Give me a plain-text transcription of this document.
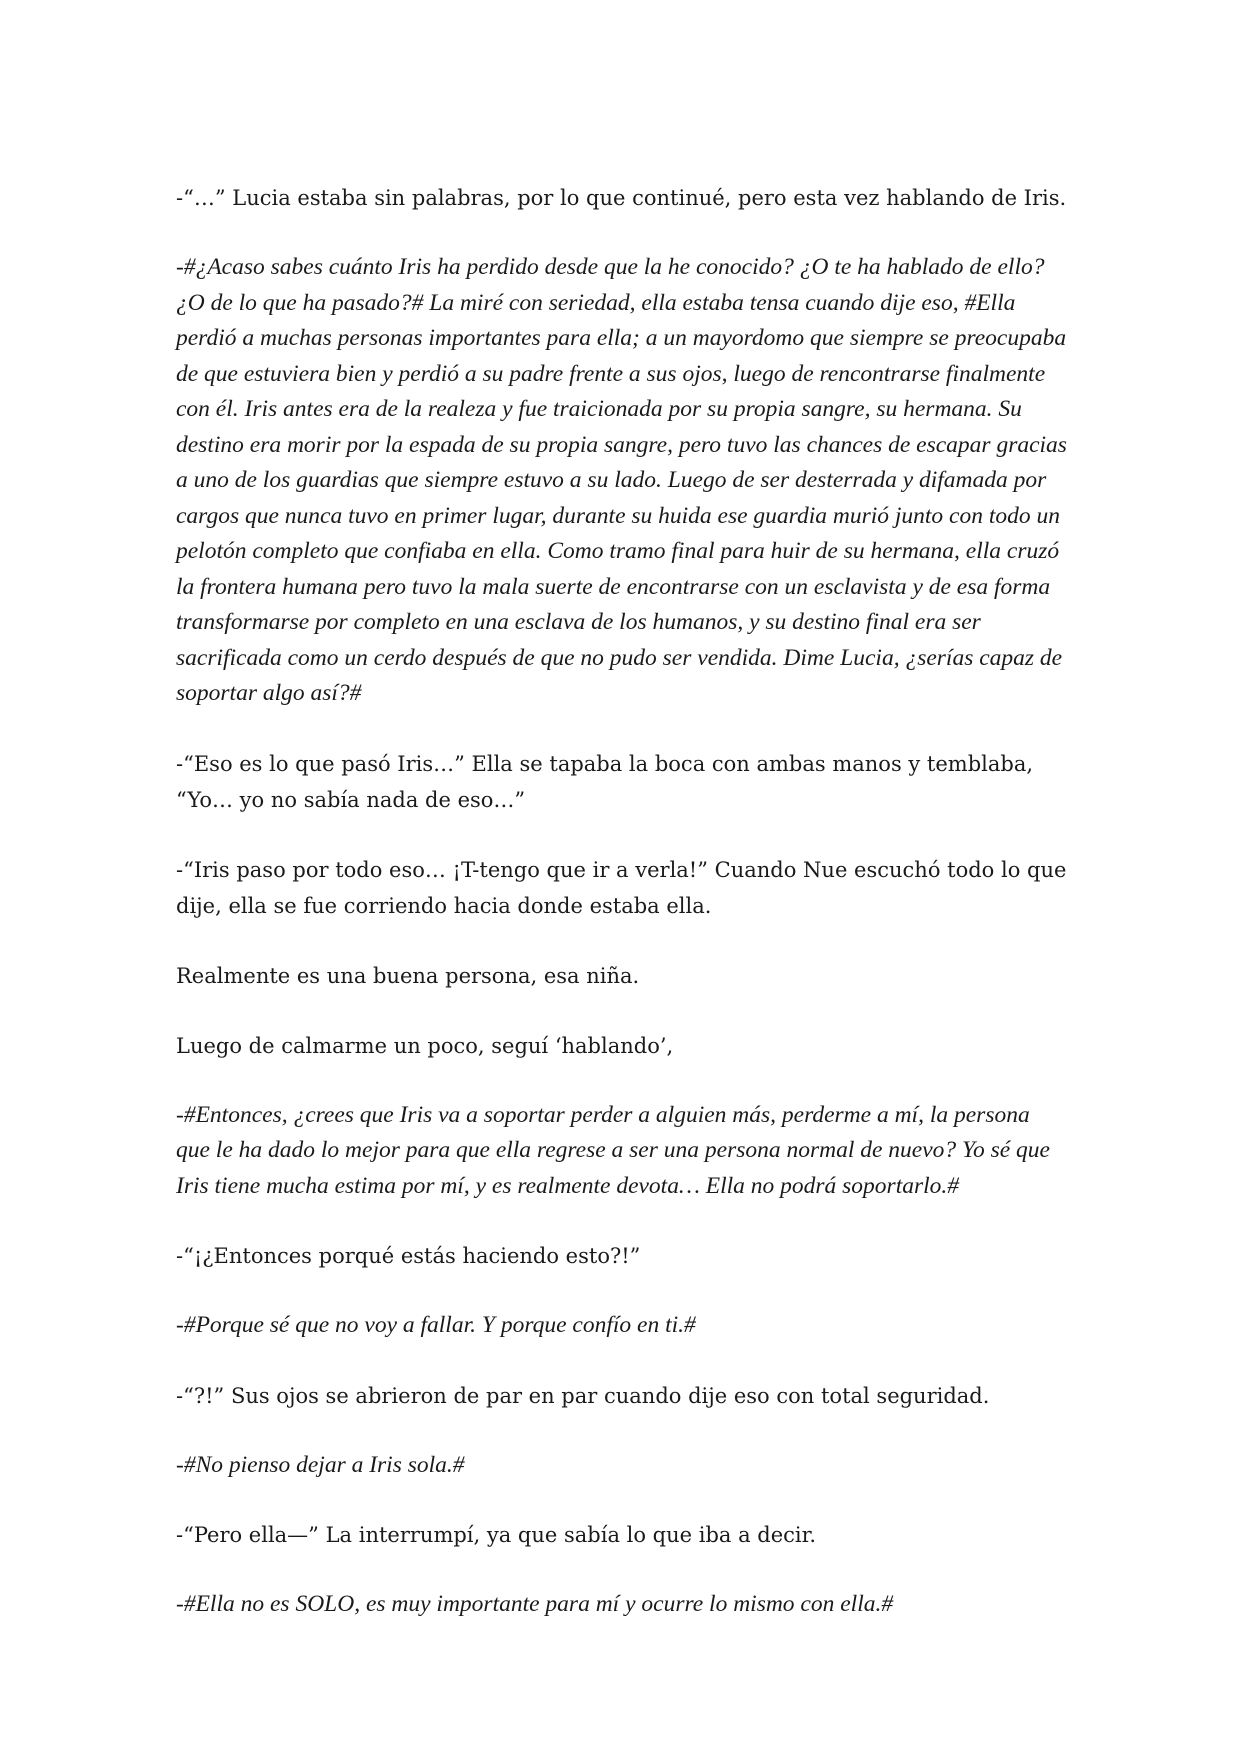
-“…” Lucia estaba sin palabras, por lo que continué, pero esta vez hablando de Iris.

-#¿Acaso sabes cuánto Iris ha perdido desde que la he conocido? ¿O te ha hablado de ello? ¿O de lo que ha pasado?# La miré con seriedad, ella estaba tensa cuando dije eso, #Ella perdió a muchas personas importantes para ella; a un mayordomo que siempre se preocupaba de que estuviera bien y perdió a su padre frente a sus ojos, luego de rencontrarse finalmente con él. Iris antes era de la realeza y fue traicionada por su propia sangre, su hermana. Su destino era morir por la espada de su propia sangre, pero tuvo las chances de escapar gracias a uno de los guardias que siempre estuvo a su lado. Luego de ser desterrada y difamada por cargos que nunca tuvo en primer lugar, durante su huida ese guardia murió junto con todo un pelotón completo que confiaba en ella. Como tramo final para huir de su hermana, ella cruzó la frontera humana pero tuvo la mala suerte de encontrarse con un esclavista y de esa forma transformarse por completo en una esclava de los humanos, y su destino final era ser sacrificada como un cerdo después de que no pudo ser vendida. Dime Lucia, ¿serías capaz de soportar algo así?#

-“Eso es lo que pasó Iris…” Ella se tapaba la boca con ambas manos y temblaba, “Yo… yo no sabía nada de eso…”

-“Iris paso por todo eso… ¡T-tengo que ir a verla!” Cuando Nue escuchó todo lo que dije, ella se fue corriendo hacia donde estaba ella.

Realmente es una buena persona, esa niña.

Luego de calmarme un poco, seguí ‘hablando’,

-#Entonces, ¿crees que Iris va a soportar perder a alguien más, perderme a mí, la persona que le ha dado lo mejor para que ella regrese a ser una persona normal de nuevo? Yo sé que Iris tiene mucha estima por mí, y es realmente devota… Ella no podrá soportarlo.#

-“¡¿Entonces porqué estás haciendo esto?!”

-#Porque sé que no voy a fallar. Y porque confío en ti.#

-“?!” Sus ojos se abrieron de par en par cuando dije eso con total seguridad.

-#No pienso dejar a Iris sola.#

-“Pero ella—” La interrumpí, ya que sabía lo que iba a decir.

-#Ella no es SOLO, es muy importante para mí y ocurre lo mismo con ella.#
